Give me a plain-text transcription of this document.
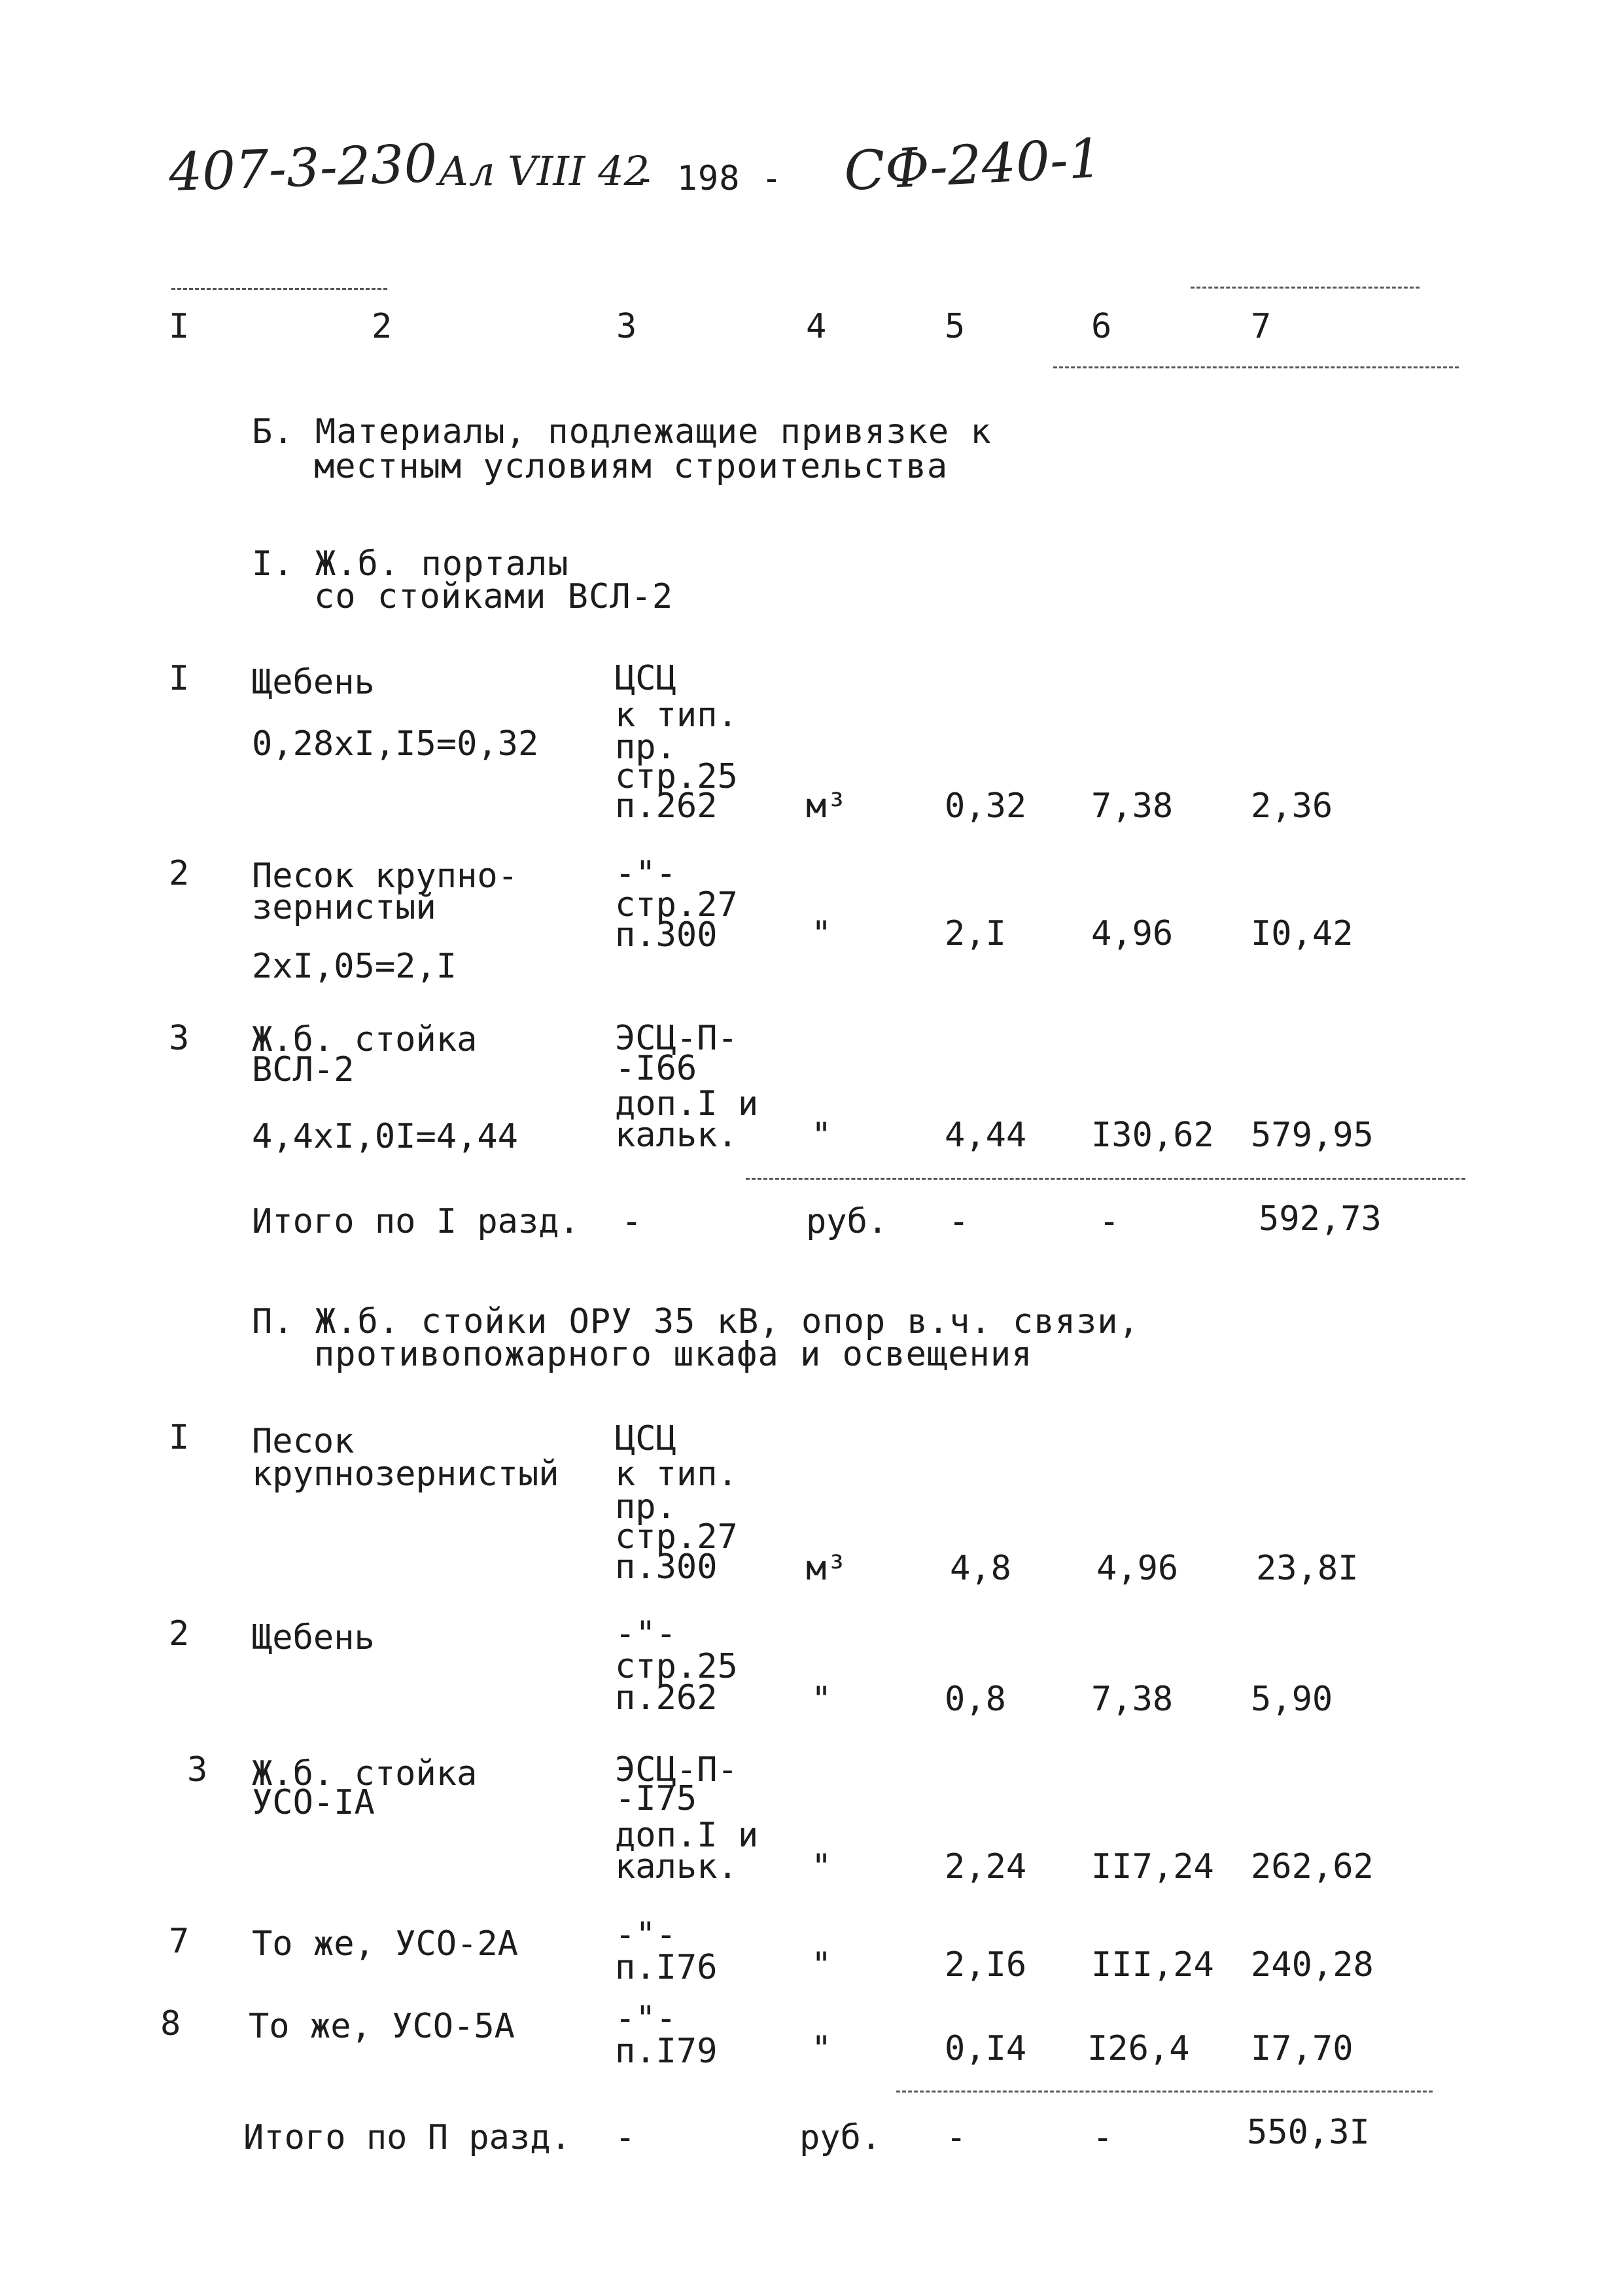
407-3-230 Ал VIII 42
- 198 - СФ-240-1
I	2	3	4	5	6	7
Б. Материалы, подлежащие привязке к
местным условиям строительства
I. Ж.б. порталы
со стойками ВСЛ-2
I Щебень
0,28хI,I5=0,32
ЦСЦ
к тип.
пр.
стр.25
п.262	м³	0,32 7,38 2,36
2 Песок крупно-
зернистый
2хI,05=2,I
-"-
стр.27
п.300	"	2,I	4,96 I0,42
3 Ж.б. стойка
ВСЛ-2
4,4хI,0I=4,44
ЭСЦ-П-
-I66
доп.I и
кальк. "	4,44 I30,62 579,95
Итого по I разд. -	руб. -	-	592,73
П. Ж.б. стойки ОРУ 35 кВ, опор в.ч. связи,
противопожарного шкафа и освещения
I Песок
крупнозернистый
ЦСЦ
к тип.
пр.
стр.27
п.300	м³	4,8	4,96 23,8I
2 Щебень	-"-
стр.25
п.262	"	0,8	7,38 5,90
3 Ж.б. стойка
УСО-IA
ЭСЦ-П-
-I75
доп.I и
кальк. "	2,24 II7,24 262,62
7 То же, УСО-2А	-"-
п.I76	"	2,I6 III,24 240,28
8 То же, УСО-5А	-"-
п.I79	"	0,I4 I26,4 I7,70
Итого по П разд. -	руб. -	-	550,3I
